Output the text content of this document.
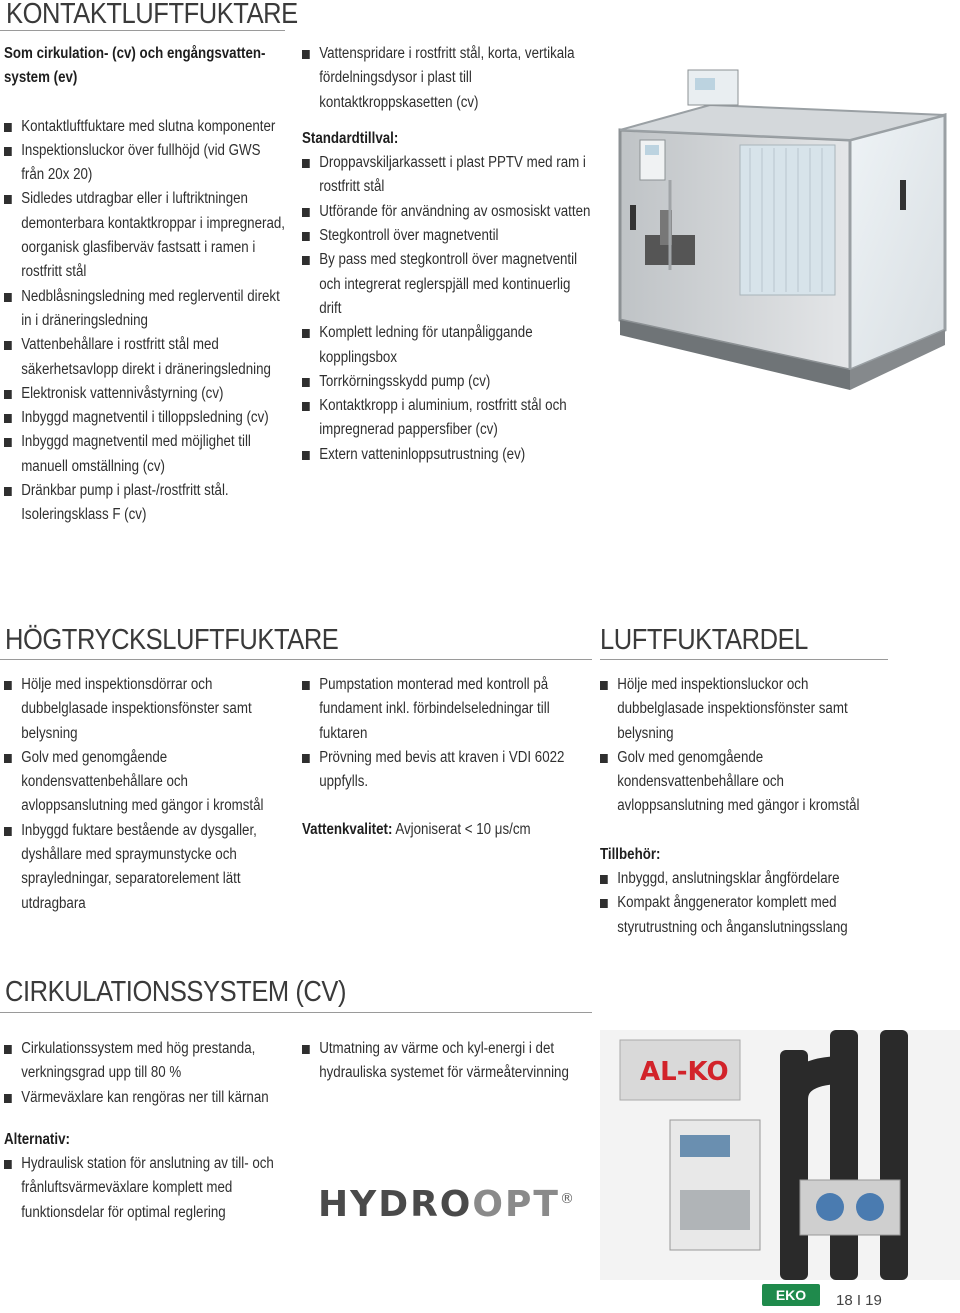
KONTAKTLUFTFUKTARE

Som cirkulation- (cv) och engångsvatten-system (ev)

Kontaktluftfuktare med slutna komponenter
Inspektionsluckor över fullhöjd (vid GWS från 20x 20)
Sidledes utdragbar eller i luftriktningen demonterbara kontaktkroppar i impregnerad, oorganisk glasfiberväv fastsatt i ramen i rostfritt stål
Nedblåsningsledning med reglerventil direkt in i dräneringsledning
Vattenbehållare i rostfritt stål med säkerhetsavlopp direkt i dräneringsledning
Elektronisk vattennivåstyrning (cv)
Inbyggd magnetventil i tilloppsledning (cv)
Inbyggd magnetventil med möjlighet till manuell omställning (cv)
Dränkbar pump i plast-/rostfritt stål. Isoleringsklass F (cv)
Vattenspridare i rostfritt stål, korta, vertikala fördelningsdysor i plast till kontaktkroppskasetten (cv)

Standardtillval:

Droppavskiljarkassett i plast PPTV med ram i rostfritt stål
Utförande för användning av osmosiskt vatten
Stegkontroll över magnetventil
By pass med stegkontroll över magnetventil och integrerat reglerspjäll med kontinuerlig drift
Komplett ledning för utanpåliggande kopplingsbox
Torrkörningsskydd pump (cv)
Kontaktkropp i aluminium, rostfritt stål och impregnerad pappersfiber (cv)
Extern vatteninloppsutrustning (ev)
HÖGTRYCKSLUFTFUKTARE
Hölje med inspektionsdörrar och dubbelglasade inspektionsfönster samt belysning
Golv med genomgående kondensvattenbehållare och avloppsanslutning med gängor i kromstål
Inbyggd fuktare bestående av dysgaller, dyshållare med spraymunstycke och sprayledningar, separatorelement lätt utdragbara
Pumpstation monterad med kontroll på fundament inkl. förbindelseledningar till fuktaren
Prövning med bevis att kraven i VDI 6022 uppfylls.

Vattenkvalitet: Avjoniserat < 10 μs/cm

LUFTFUKTARDEL
Hölje med inspektionsluckor och dubbelglasade inspektionsfönster samt belysning
Golv med genomgående kondensvattenbehållare och avloppsanslutning med gängor i kromstål

Tillbehör:

Inbyggd, anslutningsklar ångfördelare
Kompakt ånggenerator komplett med styrutrustning och ånganslutningsslang
CIRKULATIONSSYSTEM (CV)
Cirkulationssystem med hög prestanda, verkningsgrad upp till 80 %
Värmeväxlare kan rengöras ner till kärnan

Alternativ:

Hydraulisk station för anslutning av till- och frånluftsvärmeväxlare komplett med funktionsdelar för optimal reglering
Utmatning av värme och kyl-energi i det hydrauliska systemet för värmeåtervinning
HYDROOPT®
AL-KO
EKO	18 I 19
